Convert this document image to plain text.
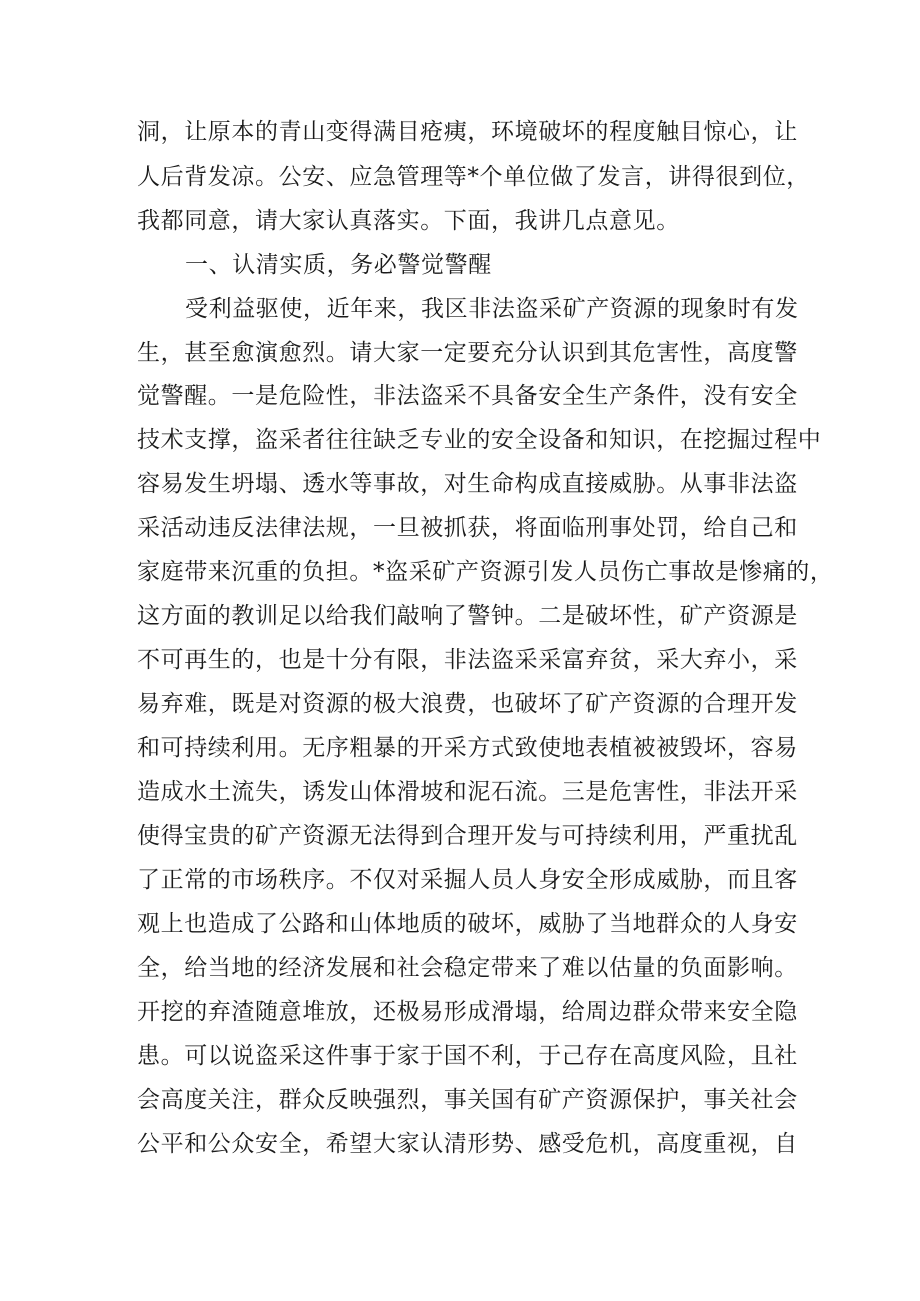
洞，让原本的青山变得满目疮痍，环境破坏的程度触目惊心，让
人后背发凉。公安、应急管理等*个单位做了发言，讲得很到位，
我都同意，请大家认真落实。下面，我讲几点意见。
一、认清实质，务必警觉警醒
受利益驱使，近年来，我区非法盗采矿产资源的现象时有发
生，甚至愈演愈烈。请大家一定要充分认识到其危害性，高度警
觉警醒。一是危险性，非法盗采不具备安全生产条件，没有安全
技术支撑，盗采者往往缺乏专业的安全设备和知识，在挖掘过程中
容易发生坍塌、透水等事故，对生命构成直接威胁。从事非法盗
采活动违反法律法规，一旦被抓获，将面临刑事处罚，给自己和
家庭带来沉重的负担。*盗采矿产资源引发人员伤亡事故是惨痛的，
这方面的教训足以给我们敲响了警钟。二是破坏性，矿产资源是
不可再生的，也是十分有限，非法盗采采富弃贫，采大弃小，采
易弃难，既是对资源的极大浪费，也破坏了矿产资源的合理开发
和可持续利用。无序粗暴的开采方式致使地表植被被毁坏，容易
造成水土流失，诱发山体滑坡和泥石流。三是危害性，非法开采
使得宝贵的矿产资源无法得到合理开发与可持续利用，严重扰乱
了正常的市场秩序。不仅对采掘人员人身安全形成威胁，而且客
观上也造成了公路和山体地质的破坏，威胁了当地群众的人身安
全，给当地的经济发展和社会稳定带来了难以估量的负面影响。
开挖的弃渣随意堆放，还极易形成滑塌，给周边群众带来安全隐
患。可以说盗采这件事于家于国不利，于己存在高度风险，且社
会高度关注，群众反映强烈，事关国有矿产资源保护，事关社会
公平和公众安全，希望大家认清形势、感受危机，高度重视，自
